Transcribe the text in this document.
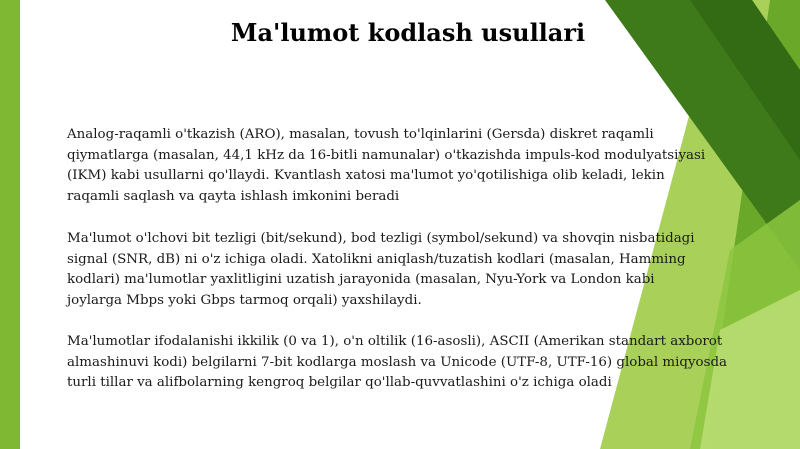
Ma'lumot kodlash usullari
Analog-raqamli o'tkazish (ARO), masalan, tovush to'lqinlarini (Gersda) diskret raqamli
qiymatlarga (masalan, 44,1 kHz da 16-bitli namunalar) o'tkazishda impuls-kod modulyatsiyasi
(IKM) kabi usullarni qo'llaydi. Kvantlash xatosi ma'lumot yo'qotilishiga olib keladi, lekin
raqamli saqlash va qayta ishlash imkonini beradi
Ma'lumot o'lchovi bit tezligi (bit/sekund), bod tezligi (symbol/sekund) va shovqin nisbatidagi
signal (SNR, dB) ni o'z ichiga oladi. Xatolikni aniqlash/tuzatish kodlari (masalan, Hamming
kodlari) ma'lumotlar yaxlitligini uzatish jarayonida (masalan, Nyu-York va London kabi
joylarga Mbps yoki Gbps tarmoq orqali) yaxshilaydi.
Ma'lumotlar ifodalanishi ikkilik (0 va 1), o'n oltilik (16-asosli), ASCII (Amerikan standart axborot
almashinuvi kodi) belgilarni 7-bit kodlarga moslash va Unicode (UTF-8, UTF-16) global miqyosda
turli tillar va alifbolarning kengroq belgilar qo'llab-quvvatlashini o'z ichiga oladi
